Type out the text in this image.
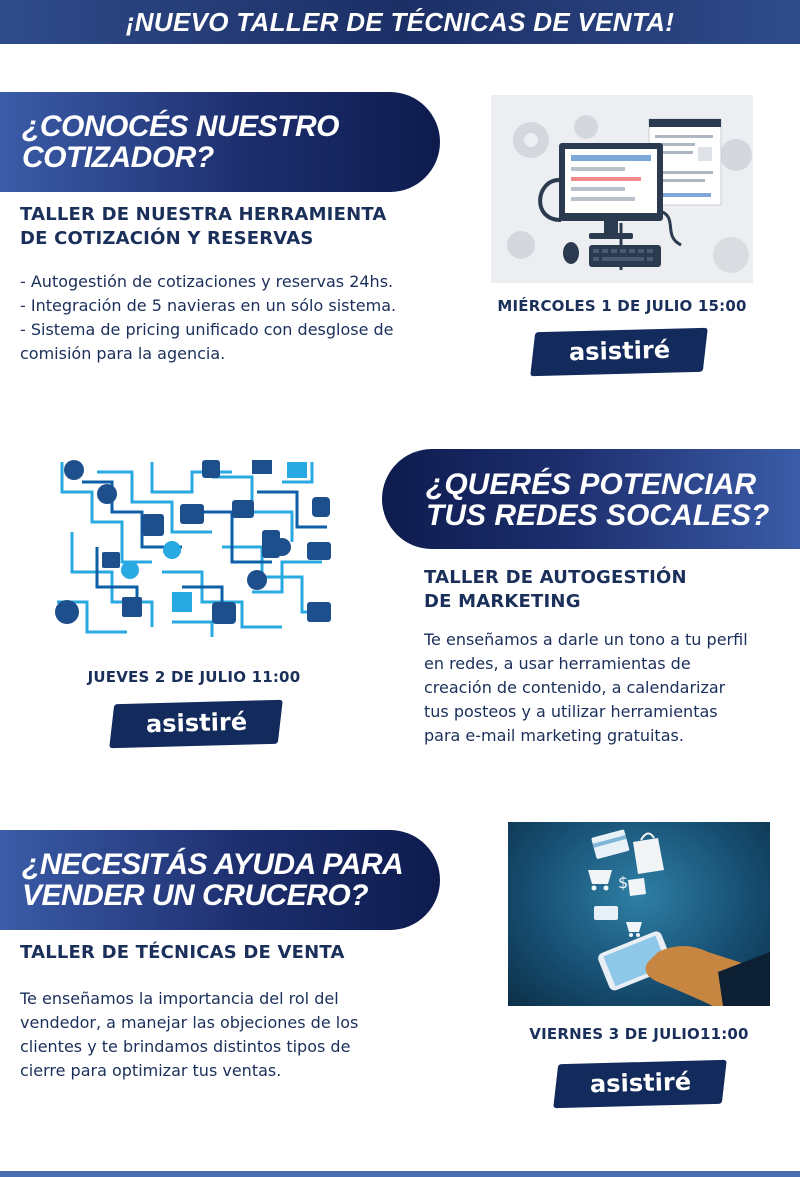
¡NUEVO TALLER DE TÉCNICAS DE VENTA!
¿CONOCÉS NUESTRO
COTIZADOR?
TALLER DE NUESTRA HERRAMIENTA
DE COTIZACIÓN Y RESERVAS
- Autogestión de cotizaciones y reservas 24hs.
- Integración de 5 navieras en un sólo sistema.
- Sistema de pricing unificado con desglose de
comisión para la agencia.
MIÉRCOLES 1 DE JULIO 15:00
asistiré
JUEVES 2 DE JULIO 11:00
asistiré
¿QUERÉS POTENCIAR
TUS REDES SOCALES?
TALLER DE AUTOGESTIÓN
DE MARKETING
Te enseñamos a darle un tono a tu perfil
en redes, a usar herramientas de
creación de contenido, a calendarizar
tus posteos y a utilizar herramientas
para e-mail marketing gratuitas.
¿NECESITÁS AYUDA PARA
VENDER UN CRUCERO?
TALLER DE TÉCNICAS DE VENTA
Te enseñamos la importancia del rol del
vendedor, a manejar las objeciones de los
clientes y te brindamos distintos tipos de
cierre para optimizar tus ventas.
$
VIERNES 3 DE JULIO11:00
asistiré
